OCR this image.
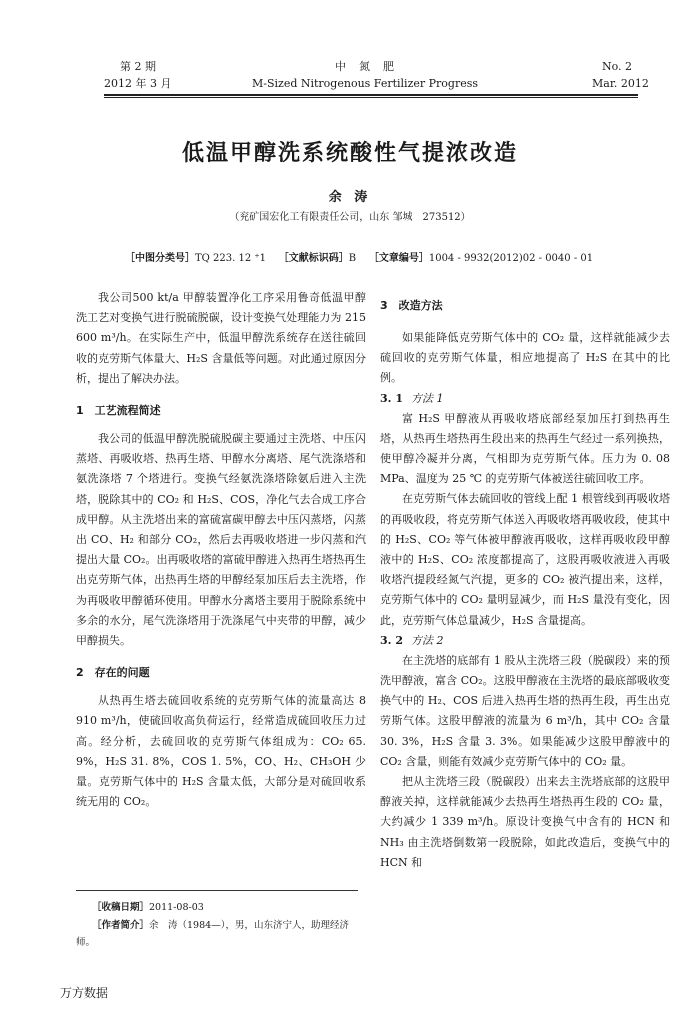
第 2 期
2012 年 3 月
中　氮　肥
M-Sized Nitrogenous Fertilizer Progress
No. 2
Mar. 2012
低温甲醇洗系统酸性气提浓改造
余 涛
（兖矿国宏化工有限责任公司，山东 邹城　273512）
［中图分类号］TQ 223. 12 ⁺1 ［文献标识码］B ［文章编号］1004 - 9932(2012)02 - 0040 - 01

我公司500 kt/a 甲醇装置净化工序采用鲁奇低温甲醇洗工艺对变换气进行脱硫脱碳，设计变换气处理能力为 215 600 m³/h。在实际生产中，低温甲醇洗系统存在送往硫回收的克劳斯气体量大、H₂S 含量低等问题。对此通过原因分析，提出了解决办法。

1　工艺流程简述

我公司的低温甲醇洗脱硫脱碳主要通过主洗塔、中压闪蒸塔、再吸收塔、热再生塔、甲醇水分离塔、尾气洗涤塔和氨洗涤塔 7 个塔进行。变换气经氨洗涤塔除氨后进入主洗塔，脱除其中的 CO₂ 和 H₂S、COS，净化气去合成工序合成甲醇。从主洗塔出来的富硫富碳甲醇去中压闪蒸塔，闪蒸出 CO、H₂ 和部分 CO₂，然后去再吸收塔进一步闪蒸和汽提出大量 CO₂。出再吸收塔的富硫甲醇进入热再生塔热再生出克劳斯气体，出热再生塔的甲醇经泵加压后去主洗塔，作为再吸收甲醇循环使用。甲醇水分离塔主要用于脱除系统中多余的水分，尾气洗涤塔用于洗涤尾气中夹带的甲醇，减少甲醇损失。

2　存在的问题

从热再生塔去硫回收系统的克劳斯气体的流量高达 8 910 m³/h，使硫回收高负荷运行，经常造成硫回收压力过高。经分析，去硫回收的克劳斯气体组成为：CO₂ 65. 9%，H₂S 31. 8%，COS 1. 5%，CO、H₂、CH₃OH 少量。克劳斯气体中的 H₂S 含量太低，大部分是对硫回收系统无用的 CO₂。

［收稿日期］2011-08-03
［作者简介］余　涛（1984—），男，山东济宁人，助理经济师。
3　改造方法

如果能降低克劳斯气体中的 CO₂ 量，这样就能减少去硫回收的克劳斯气体量，相应地提高了 H₂S 在其中的比例。

3. 1 方法 1

富 H₂S 甲醇液从再吸收塔底部经泵加压打到热再生塔，从热再生塔热再生段出来的热再生气经过一系列换热，使甲醇冷凝并分离，气相即为克劳斯气体。压力为 0. 08 MPa、温度为 25 ℃ 的克劳斯气体被送往硫回收工序。

在克劳斯气体去硫回收的管线上配 1 根管线到再吸收塔的再吸收段，将克劳斯气体送入再吸收塔再吸收段，使其中的 H₂S、CO₂ 等气体被甲醇液再吸收，这样再吸收段甲醇液中的 H₂S、CO₂ 浓度都提高了，这股再吸收液进入再吸收塔汽提段经氮气汽提，更多的 CO₂ 被汽提出来，这样，克劳斯气体中的 CO₂ 量明显减少，而 H₂S 量没有变化，因此，克劳斯气体总量减少，H₂S 含量提高。

3. 2 方法 2

在主洗塔的底部有 1 股从主洗塔三段（脱碳段）来的预洗甲醇液，富含 CO₂。这股甲醇液在主洗塔的最底部吸收变换气中的 H₂、COS 后进入热再生塔的热再生段，再生出克劳斯气体。这股甲醇液的流量为 6 m³/h，其中 CO₂ 含量 30. 3%，H₂S 含量 3. 3%。如果能减少这股甲醇液中的 CO₂ 含量，则能有效减少克劳斯气体中的 CO₂ 量。

把从主洗塔三段（脱碳段）出来去主洗塔底部的这股甲醇液关掉，这样就能减少去热再生塔热再生段的 CO₂ 量，大约减少 1 339 m³/h。原设计变换气中含有的 HCN 和 NH₃ 由主洗塔倒数第一段脱除，如此改造后，变换气中的 HCN 和

万方数据
